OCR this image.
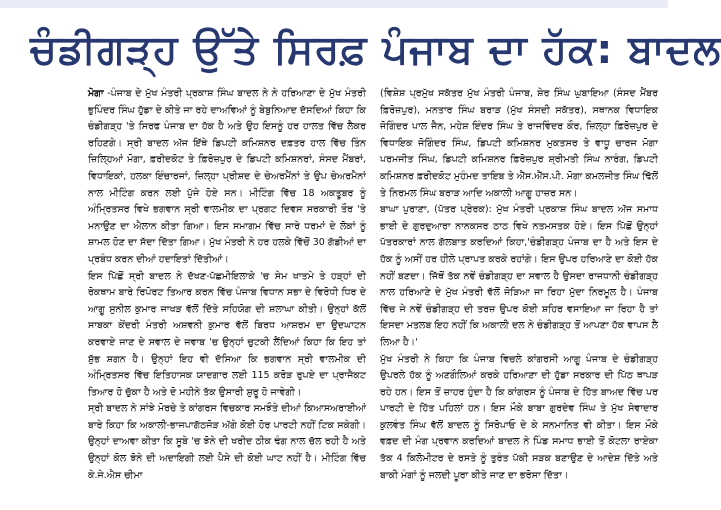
ਚੰਡੀਗੜ੍ਹ ਉੱਤੇ ਸਿਰਫ਼ ਪੰਜਾਬ ਦਾ ਹੱਕ: ਬਾਦਲ

ਮੋਗਾ -ਪੰਜਾਬ ਦੇ ਮੁੱਖ ਮੰਤਰੀ ਪ੍ਰਕਾਸ਼ ਸਿੰਘ ਬਾਦਲ ਨੇ ਨੇ ਹਰਿਆਣਾ ਦੇ ਮੁੱਖ ਮੰਤਰੀ ਭੁਪਿੰਦਰ ਸਿੰਘ ਹੁੱਡਾ ਦੇ ਕੀਤੇ ਜਾ ਰਹੇ ਦਾਅਵਿਆਂ ਨੂੰ ਬੇਬੁਨਿਆਦ ਦੱਸਦਿਆਂ ਕਿਹਾ ਕਿ ਚੰਡੀਗੜ੍ਹ 'ਤੇ ਸਿਰਫ ਪੰਜਾਬ ਦਾ ਹੱਕ ਹੈ ਅਤੇ ਉਹ ਇਸਨੂੰ ਹਰ ਹਾਲਤ ਵਿੱਚ ਲੈਕਰ ਰਹਿਣਗੇ। ਸ੍ਰੀ ਬਾਦਲ ਅੱਜ ਇੱਥੇ ਡਿਪਟੀ ਕਮਿਸ਼ਨਰ ਦਫ਼ਤਰ ਹਾਲ ਵਿੱਚ ਤਿੰਨ ਜ਼ਿਲ੍ਹਿਆਂ ਮੋਗਾ, ਫ਼ਰੀਦਕੋਟ ਤੇ ਫ਼ਿਰੋਜ਼ਪੁਰ ਦੇ ਡਿਪਟੀ ਕਮਿਸ਼ਨਰਾਂ, ਸੰਸਦ ਮੈਂਬਰਾਂ, ਵਿਧਾਇਕਾਂ, ਹਲਕਾ ਇੰਚਾਰਜਾਂ, ਜ਼ਿਲ੍ਹਾ ਪ੍ਰੀਸ਼ਦ ਦੇ ਚੇਅਰਮੈਂਨਾਂ ਤੇ ਉਪ ਚੇਅਰਮੈਨਾਂ ਨਾਲ ਮੀਟਿੰਗ ਕਰਨ ਲਈ ਪੁੱਜੇ ਹੋਏ ਸਨ। ਮੀਟਿੰਗ ਵਿੱਚ 18 ਅਕਤੂਬਰ ਨੂੰ ਅੰਮ੍ਰਿਤਸਰ ਵਿਖੇ ਭਗਵਾਨ ਸ੍ਰੀ ਵਾਲਮੀਕ ਦਾ ਪ੍ਰਗਟ ਦਿਵਸ ਸਰਕਾਰੀ ਤੌਰ 'ਤੇ ਮਨਾਉਣ ਦਾ ਐਲਾਨ ਕੀਤਾ ਗਿਆ। ਇਸ ਸਮਾਗਮ ਵਿੱਚ ਸਾਰੇ ਧਰਮਾਂ ਦੇ ਲੋਕਾਂ ਨੂੰ ਸ਼ਾਮਲ ਹੋਣ ਦਾ ਸੱਦਾ ਦਿੱਤਾ ਗਿਆ। ਮੁੱਖ ਮੰਤਰੀ ਨੇ ਹਰ ਹਲਕੇ ਵਿੱਚੋਂ 30 ਗੱਡੀਆਂ ਦਾ ਪ੍ਰਬੰਧ ਕਰਨ ਦੀਆਂ ਹਦਾਇਤਾਂ ਦਿੱਤੀਆਂ।

ਇਸ ਪਿੱਛੋਂ ਸ੍ਰੀ ਬਾਦਲ ਨੇ ਦੱਖਣ-ਪੱਛਮੀਇਲਾਕੇ 'ਚ ਸੇਮ ਖਾਤਮੇ ਤੇ ਹੜ੍ਹਾਂ ਦੀ ਰੋਕਥਾਮ ਬਾਰੇ ਰਿਪੋਰਟ ਤਿਆਰ ਕਰਨ ਵਿੱਚ ਪੰਜਾਬ ਵਿਧਾਨ ਸਭਾ ਦੇ ਵਿਰੋਧੀ ਧਿਰ ਦੇ ਆਗੂ ਸੁਨੀਲ ਕੁਮਾਰ ਜਾਖੜ ਵੱਲੋਂ ਦਿੱਤੇ ਸਹਿਯੋਗ ਦੀ ਸ਼ਲਾਘਾ ਕੀਤੀ। ਉਨ੍ਹਾਂ ਕੱਲੋਂ ਸਾਬਕਾ ਕੇਂਦਰੀ ਮੰਤਰੀ ਅਸ਼ਵਨੀ ਕੁਮਾਰ ਵੱਲੋਂ ਬਿਰਧ ਆਸ਼ਰਮ ਦਾ ਉਦਘਾਟਨ ਕਰਵਾਏ ਜਾਣ ਦੇ ਸਵਾਲ ਦੇ ਜਵਾਬ 'ਚ ਉਨ੍ਹਾਂ ਚੁਟਕੀ ਲੈਂਦਿਆਂ ਕਿਹਾ ਕਿ ਇਹ ਤਾਂ ਸ਼ੁੱਭ ਸ਼ਗਨ ਹੈ। ਉਨ੍ਹਾਂ ਇਹ ਵੀ ਦੱਸਿਆ ਕਿ ਭਗਵਾਨ ਸ੍ਰੀ ਵਾਲਮੀਕ ਦੀ ਅੰਮ੍ਰਿਤਸਰ ਵਿੱਚ ਇਤਿਹਾਸਕ ਯਾਦਗਾਰ ਲਈ 115 ਕਰੋੜ ਰੁਪਏ ਦਾ ਪ੍ਰਾਜੈਕਟ ਤਿਆਰ ਹੋ ਚੁੱਕਾ ਹੈ ਅਤੇ ਦੋ ਮਹੀਨੇ ਤੱਕ ਉਸਾਰੀ ਸ਼ੁਰੂ ਹੋ ਜਾਵੇਗੀ।

ਸ੍ਰੀ ਬਾਦਲ ਨੇ ਸਾਂਝੇ ਮੋਰਚੇ ਤੇ ਕਾਂਗਰਸ ਵਿਚਕਾਰ ਸਮਝੌਤੇ ਦੀਆਂ ਕਿਆਸਅਰਾਈਆਂ ਬਾਰੇ ਕਿਹਾ ਕਿ ਅਕਾਲੀ-ਭਾਜਪਾਗੱਠਜੋੜ ਅੱਗੇ ਕੋਈ ਹੋਰ ਪਾਰਟੀ ਨਹੀਂ ਟਿਕ ਸਕੇਗੀ। ਉਨ੍ਹਾਂ ਦਾਅਵਾ ਕੀਤਾ ਕਿ ਸੂਬੇ 'ਚ ਝੋਨੇ ਦੀ ਖਰੀਦ ਠੀਕ ਢੰਗ ਨਾਲ ਚੱਲ ਰਹੀ ਹੈ ਅਤੇ ਉਨ੍ਹਾਂ ਕੋਲ ਝੋਨੇ ਦੀ ਅਦਾਇਗੀ ਲਈ ਪੈਸੇ ਦੀ ਕੋਈ ਘਾਟ ਨਹੀਂ ਹੈ। ਮੀਟਿੰਗ ਵਿੱਚ ਕੇ.ਜੇ.ਐਸ ਚੀਮਾ

(ਵਿਸ਼ੇਸ਼ ਪ੍ਰਮੁੱਖ ਸਕੱਤਰ ਮੁੱਖ ਮੰਤਰੀ ਪੰਜਾਬ, ਸ਼ੇਰ ਸਿੰਘ ਘੁਬਾਇਆ (ਸੰਸਦ ਮੈਂਬਰ ਫ਼ਿਰੋਜ਼ਪੁਰ), ਮਨਤਾਰ ਸਿੰਘ ਬਰਾੜ (ਮੁੱਖ ਸੰਸਦੀ ਸਕੱਤਰ), ਸਥਾਨਕ ਵਿਧਾਇਕ ਜੋਗਿੰਦਰ ਪਾਲ ਜੈਨ, ਮਹੇਸ਼ ਇੰਦਰ ਸਿੰਘ ਤੇ ਰਾਜਵਿੰਦਰ ਕੌਰ, ਜ਼ਿਲ੍ਹਾ ਫ਼ਿਰੋਜ਼ਪੁਰ ਦੇ ਵਿਧਾਇਕ ਜੋਗਿੰਦਰ ਸਿੰਘ, ਡਿਪਟੀ ਕਮਿਸ਼ਨਰ ਮੁਕਤਸਰ ਤੇ ਵਾਧੂ ਚਾਰਜ ਮੋਗਾ ਪਰਮਜੀਤ ਸਿੰਘ, ਡਿਪਟੀ ਕਮਿਸ਼ਨਰ ਫ਼ਿਰੋਜ਼ਪੁਰ ਸ਼੍ਰੀਮਤੀ ਸਿੰਘ ਨਾਰੰਗ, ਡਿਪਟੀ ਕਮਿਸ਼ਨਰ ਫ਼ਰੀਦਕੋਟ ਮੁਹੰਮਦ ਤਾਇਬ ਤੇ ਐੱਸ.ਐੱਸ.ਪੀ. ਮੋਗਾ ਕਮਲਜੀਤ ਸਿੰਘ ਢਿੱਲੋਂ ਤੇ ਨਿਰਮਲ ਸਿੰਘ ਬਰਾੜ ਆਦਿ ਅਕਾਲੀ ਆਗੂ ਹਾਜ਼ਰ ਸਨ।

ਬਾਘਾ ਪੁਰਾਣਾ, (ਪੱਤਰ ਪ੍ਰੇਰਕ): ਮੁੱਖ ਮੰਤਰੀ ਪ੍ਰਕਾਸ਼ ਸਿੰਘ ਬਾਦਲ ਅੱਜ ਸਮਾਧ ਭਾਈ ਦੇ ਗੁਰਦੁਆਰਾ ਨਾਨਕਸਰ ਠਾਠ ਵਿਖੇ ਨਤਮਸਤਕ ਹੋਏ। ਇਸ ਪਿੱਛੋਂ ਉਨ੍ਹਾਂ ਪੱਤਰਕਾਰਾਂ ਨਾਲ ਗੱਲਬਾਤ ਕਰਦਿਆਂ ਕਿਹਾ,'ਚੰਡੀਗੜ੍ਹ ਪੰਜਾਬ ਦਾ ਹੈ ਅਤੇ ਇਸ ਦੇ ਹੱਕ ਨੂੰ ਅਸੀਂ ਹਰ ਹੀਲੇ ਪ੍ਰਾਪਤ ਕਰਕੇ ਰਹਾਂਗੇ। ਇਸ ਉਪਰ ਹਰਿਆਣੇ ਦਾ ਕੋਈ ਹੱਕ ਨਹੀਂ ਬਣਦਾ। ਜਿੱਥੋਂ ਤੱਕ ਨਵੇਂ ਚੰਡੀਗੜ੍ਹ ਦਾ ਸਵਾਲ ਹੈ ਉਸਦਾ ਰਾਜਧਾਨੀ ਚੰਡੀਗੜ੍ਹ ਨਾਲ ਹਰਿਆਣੇ ਦੇ ਮੁੱਖ ਮੰਤਰੀ ਵੱਲੋਂ ਜੋੜਿਆ ਜਾ ਰਿਹਾ ਮੁੱਦਾ ਨਿਰਮੂਲ ਹੈ। ਪੰਜਾਬ ਵਿੱਚ ਜੇ ਨਵੇਂ ਚੰਡੀਗੜ੍ਹ ਦੀ ਤਰਜ਼ ਉਪਰ ਕੋਈ ਸ਼ਹਿਰ ਵਸਾਇਆ ਜਾ ਰਿਹਾ ਹੈ ਤਾਂ ਇਸਦਾ ਮਤਲਬ ਇਹ ਨਹੀਂ ਕਿ ਅਕਾਲੀ ਦਲ ਨੇ ਚੰਡੀਗੜ੍ਹ ਤੋਂ ਆਪਣਾ ਹੱਕ ਵਾਪਸ ਲੈ ਲਿਆ ਹੈ।'

ਮੁੱਖ ਮੰਤਰੀ ਨੇ ਕਿਹਾ ਕਿ ਪੰਜਾਬ ਵਿਚਲੇ ਕਾਂਗਰਸੀ ਆਗੂ ਪੰਜਾਬ ਦੇ ਚੰਡੀਗੜ੍ਹ ਉਪਰਲੇ ਹੱਕ ਨੂੰ ਅਣਗੌਲਿਆਂ ਕਰਕੇ ਹਰਿਆਣਾ ਦੀ ਹੁੱਡਾ ਸਰਕਾਰ ਦੀ ਪਿੱਠ ਥਾਪੜ ਰਹੇ ਹਨ। ਇਸ ਤੋਂ ਜ਼ਾਹਰ ਹੁੰਦਾ ਹੈ ਕਿ ਕਾਂਗਰਸ ਨੂੰ ਪੰਜਾਬ ਦੇ ਹਿੱਤ ਬਾਅਦ ਵਿੱਚ ਪਰ ਪਾਰਟੀ ਦੇ ਹਿੱਤ ਪਹਿਲਾਂ ਹਨ। ਇਸ ਮੌਕੇ ਬਾਬਾ ਗੁਰਦੇਵ ਸਿੰਘ ਤੇ ਮੁੱਖ ਸੇਵਾਦਾਰ ਕੁਲਵੰਤ ਸਿੰਘ ਵੱਲੋਂ ਬਾਦਲ ਨੂੰ ਸਿਰੋਪਾਓ ਦੇ ਕੇ ਸਨਮਾਨਿਤ ਵੀ ਕੀਤਾ। ਇਸ ਮੌਕੇ ਵਫ਼ਦ ਦੀ ਮੰਗ ਪ੍ਰਵਾਨ ਕਰਦਿਆਂ ਬਾਦਲ ਨੇ ਪਿੰਡ ਸਮਾਧ ਭਾਈ ਤੋਂ ਕੋਟਲਾ ਰਾਏਕਾ ਤੱਕ 4 ਕਿਲੋਮੀਟਰ ਦੇ ਰਸਤੇ ਨੂੰ ਤੁਰੰਤ ਪੱਕੀ ਸੜਕ ਬਣਾਉਣ ਦੇ ਆਦੇਸ਼ ਦਿੱਤੇ ਅਤੇ ਬਾਕੀ ਮੰਗਾਂ ਨੂੰ ਜਲਦੀ ਪੂਰਾ ਕੀਤੇ ਜਾਣ ਦਾ ਭਰੋਸਾ ਦਿੱਤਾ।
